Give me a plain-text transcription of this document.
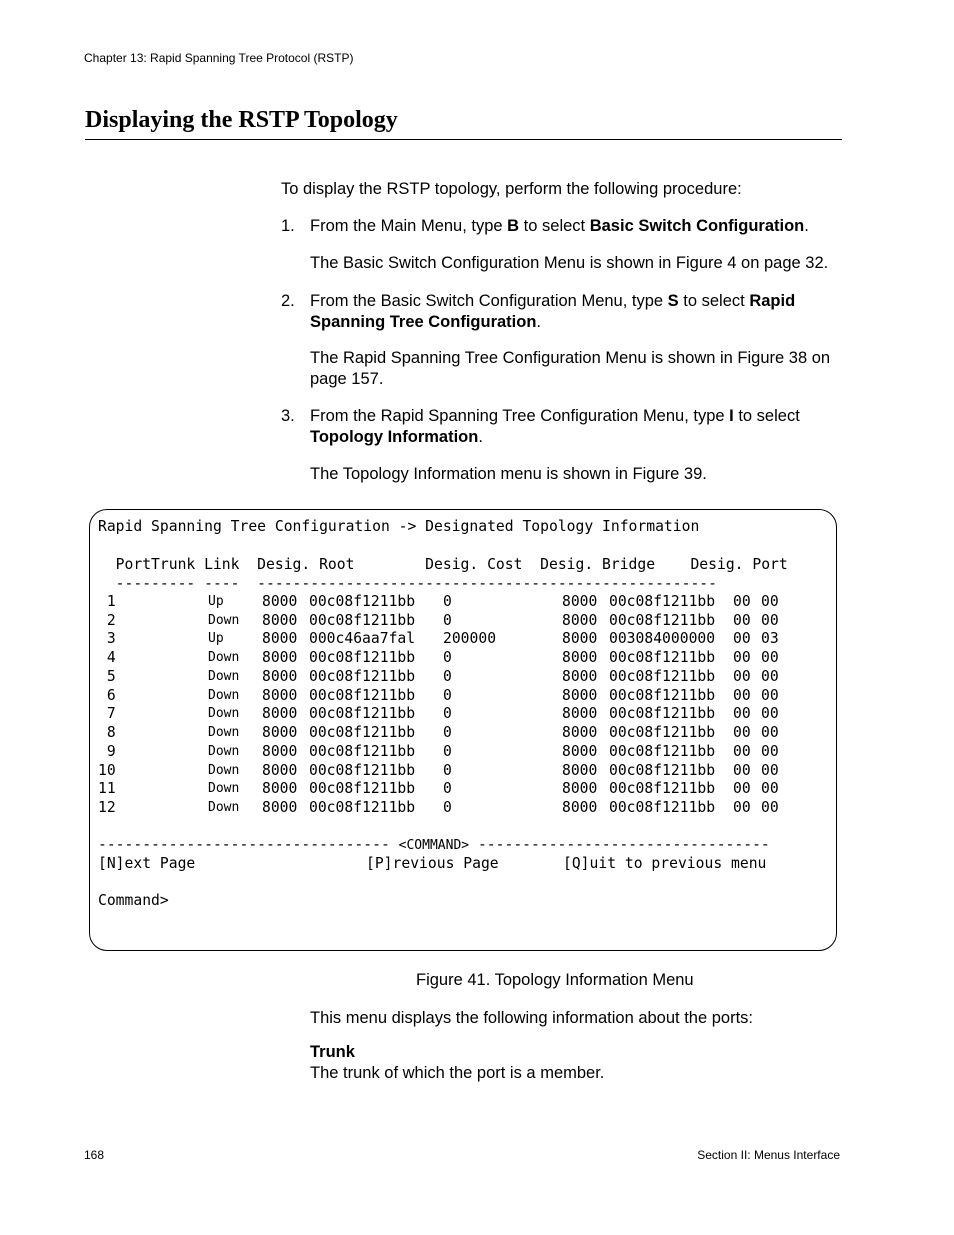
Chapter 13: Rapid Spanning Tree Protocol (RSTP)
Displaying the RSTP Topology
To display the RSTP topology, perform the following procedure:
1. From the Main Menu, type B to select Basic Switch Configuration.
The Basic Switch Configuration Menu is shown in Figure 4 on page 32.
2. From the Basic Switch Configuration Menu, type S to select Rapid Spanning Tree Configuration.
The Rapid Spanning Tree Configuration Menu is shown in Figure 38 on page 157.
3. From the Rapid Spanning Tree Configuration Menu, type I to select Topology Information.
The Topology Information menu is shown in Figure 39.
Rapid Spanning Tree Configuration -> Designated Topology Information
PortTrunk Link  Desig. Root        Desig. Cost  Desig. Bridge    Desig. Port
--------- ----  ----------------------------------------------------
1	Up	8000 00c08f1211bb 0	8000 00c08f1211bb 00 00
2	Down 8000 00c08f1211bb 0	8000 00c08f1211bb 00 00
3	Up	8000 000c46aa7fal 200000	8000 003084000000 00 03
4	Down 8000 00c08f1211bb 0	8000 00c08f1211bb 00 00
5	Down 8000 00c08f1211bb 0	8000 00c08f1211bb 00 00
6	Down 8000 00c08f1211bb 0	8000 00c08f1211bb 00 00
7	Down 8000 00c08f1211bb 0	8000 00c08f1211bb 00 00
8	Down 8000 00c08f1211bb 0	8000 00c08f1211bb 00 00
9	Down 8000 00c08f1211bb 0	8000 00c08f1211bb 00 00
10	Down 8000 00c08f1211bb 0	8000 00c08f1211bb 00 00
11	Down 8000 00c08f1211bb 0	8000 00c08f1211bb 00 00
12	Down 8000 00c08f1211bb 0	8000 00c08f1211bb 00 00
--------------------------------- <COMMAND> ---------------------------------
[N]ext Page	[P]revious Page	[Q]uit to previous menu
Command>
Figure 41. Topology Information Menu
This menu displays the following information about the ports:
Trunk
The trunk of which the port is a member.
168	Section II: Menus Interface
